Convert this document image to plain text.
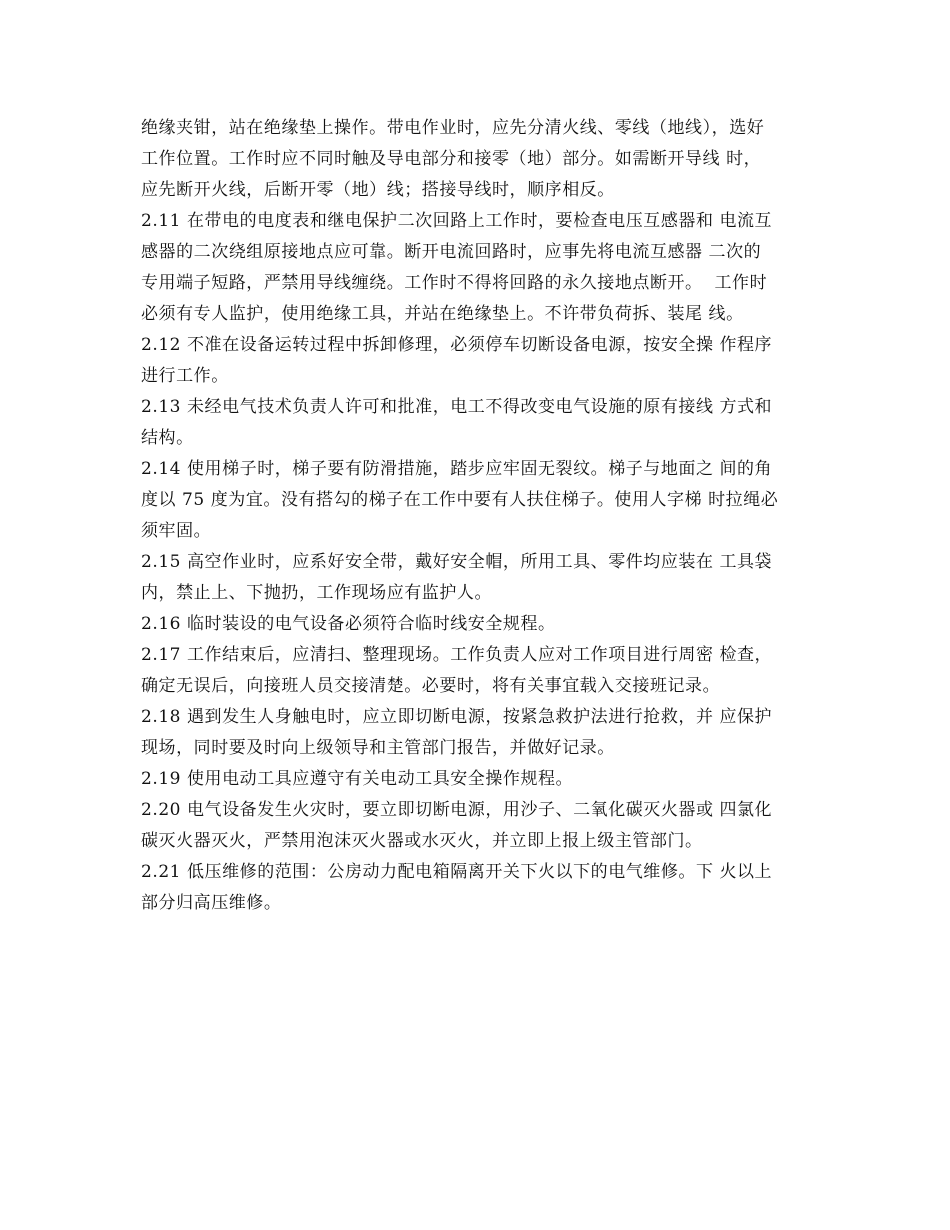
绝缘夹钳，站在绝缘垫上操作。带电作业时，应先分清火线、零线（地线），选好
工作位置。工作时应不同时触及导电部分和接零（地）部分。如需断开导线 时，
应先断开火线，后断开零（地）线；搭接导线时，顺序相反。
2.11 在带电的电度表和继电保护二次回路上工作时，要检查电压互感器和 电流互
感器的二次绕组原接地点应可靠。断开电流回路时，应事先将电流互感器 二次的
专用端子短路，严禁用导线缠绕。工作时不得将回路的永久接地点断开。  工作时
必须有专人监护，使用绝缘工具，并站在绝缘垫上。不许带负荷拆、装尾 线。
2.12 不准在设备运转过程中拆卸修理，必须停车切断设备电源，按安全操 作程序
进行工作。
2.13 未经电气技术负责人许可和批准，电工不得改变电气设施的原有接线 方式和
结构。
2.14 使用梯子时，梯子要有防滑措施，踏步应牢固无裂纹。梯子与地面之 间的角
度以 75 度为宜。没有搭勾的梯子在工作中要有人扶住梯子。使用人字梯 时拉绳必
须牢固。
2.15 高空作业时，应系好安全带，戴好安全帽，所用工具、零件均应装在 工具袋
内，禁止上、下抛扔，工作现场应有监护人。
2.16 临时装设的电气设备必须符合临时线安全规程。
2.17 工作结束后，应清扫、整理现场。工作负责人应对工作项目进行周密 检查，
确定无误后，向接班人员交接清楚。必要时，将有关事宜载入交接班记录。
2.18 遇到发生人身触电时，应立即切断电源，按紧急救护法进行抢救，并 应保护
现场，同时要及时向上级领导和主管部门报告，并做好记录。
2.19 使用电动工具应遵守有关电动工具安全操作规程。
2.20 电气设备发生火灾时，要立即切断电源，用沙子、二氧化碳灭火器或 四氯化
碳灭火器灭火，严禁用泡沫灭火器或水灭火，并立即上报上级主管部门。
2.21 低压维修的范围：公房动力配电箱隔离开关下火以下的电气维修。下 火以上
部分归高压维修。
